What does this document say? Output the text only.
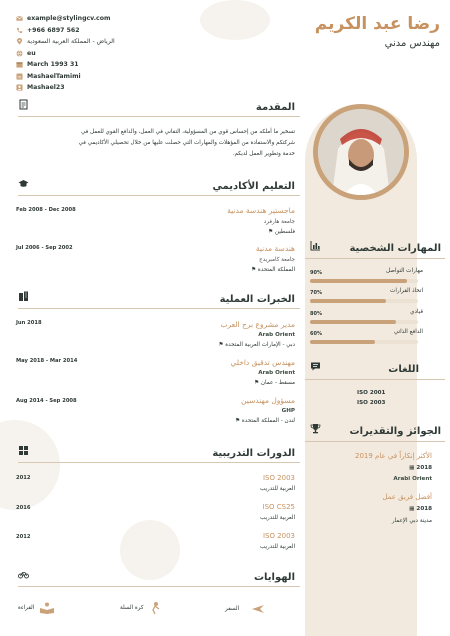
رضا عبد الكريم
مهندس مدني
example@stylingcv.com
+966 6897 562
الرياض - المملكة العربية السعودية
eu
March 1993 31
in MashaelTamimi
Mashael23
المقدمة
تسخير ما أملكه من إحساس قوي من المسؤولية، التفاني في العمل، والدافع القوي للعمل في
شركتكم والاستفادة من المؤهلات والمهارات التي حصلت عليها من خلال تحصيلي الأكاديمي في
خدمة وتطوير العمل لديكم.
التعليم الأكاديمي
Feb 2008 - Dec 2008	ماجستير هندسة مدنية
جامعة هارفرد
فلسطين ⚑
Jul 2006 - Sep 2002	هندسة مدنية
جامعة كامبريدج
المملكة المتحدة ⚑
الخبرات العملية
Jun 2018	مدير مشروع برج العرب
Arab Orient
دبي - الإمارات العربية المتحدة ⚑
May 2018 - Mar 2014	مهندس تدقيق داخلي
Arab Orient
مسقط - عمان ⚑
Aug 2014 - Sep 2008	مسؤول مهندسين
GHP
لندن - المملكة المتحدة ⚑
الدورات التدريبية
2012	ISO 2003
العربية للتدريب
2016	ISO CS25
العربية للتدريب
2012	ISO 2003
العربية للتدريب
الهوايات
السفر
كرة السلة
القراءة
المهارات الشخصية
مهارات التواصل
90%
اتخاذ القرارات
70%
قيادي
80%
الدافع الذاتي
60%
اللغات
ISO 2001
ISO 2003
الجوائز والتقديرات
الأكثر إنكاراً في عام 2019
2018 ▦
Arabi Orient
أفضل فريق عمل
2018 ▦
مدينة دبي الإعمار
